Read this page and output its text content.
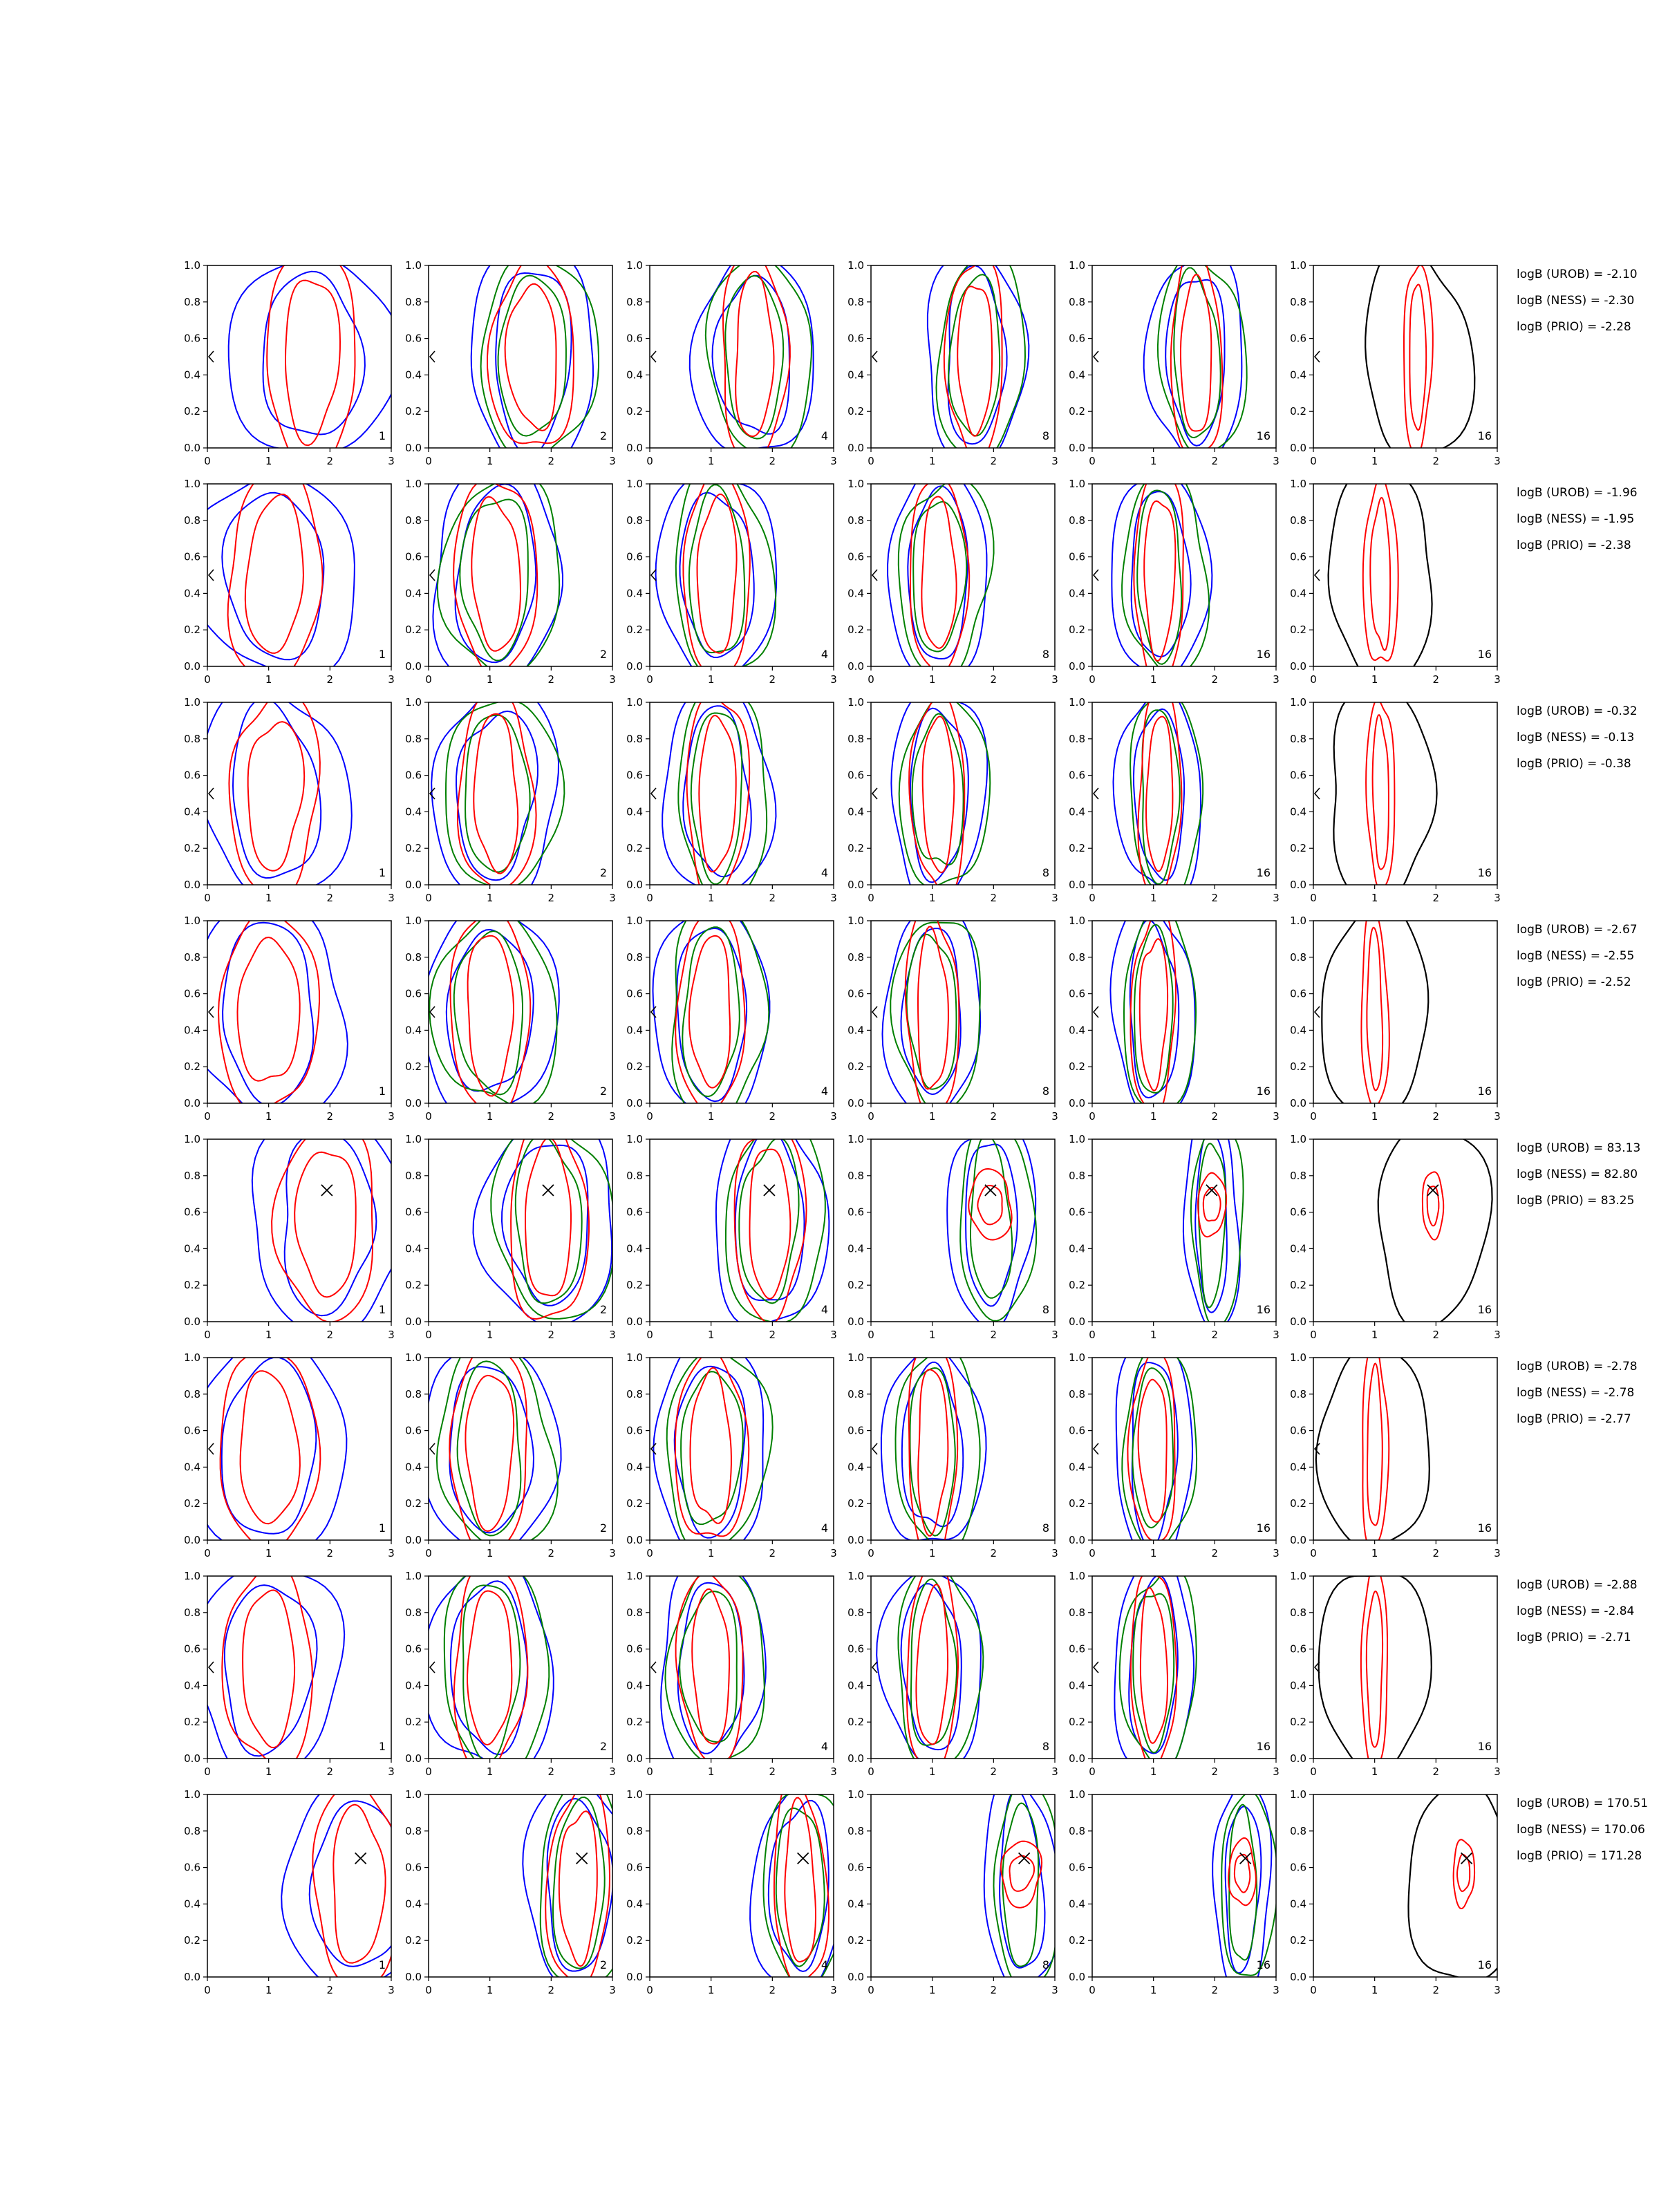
0	1	2	3
0.0
0.2
0.4
0.6
0.8
1.0
1
0	1	2	3
0.0
0.2
0.4
0.6
0.8
1.0
2
0	1	2	3
0.0
0.2
0.4
0.6
0.8
1.0
4
0	1	2	3
0.0
0.2
0.4
0.6
0.8
1.0
8
0	1	2	3
0.0
0.2
0.4
0.6
0.8
1.0
16
0	1	2	3
0.0
0.2
0.4
0.6
0.8
1.0
16
logB (UROB) = -2.10
logB (NESS) = -2.30
logB (PRIO) = -2.28
0	1	2	3
0.0
0.2
0.4
0.6
0.8
1.0
1
0	1	2	3
0.0
0.2
0.4
0.6
0.8
1.0
2
0	1	2	3
0.0
0.2
0.4
0.6
0.8
1.0
4
0	1	2	3
0.0
0.2
0.4
0.6
0.8
1.0
8
0	1	2	3
0.0
0.2
0.4
0.6
0.8
1.0
16
0	1	2	3
0.0
0.2
0.4
0.6
0.8
1.0
16
logB (UROB) = -1.96
logB (NESS) = -1.95
logB (PRIO) = -2.38
0	1	2	3
0.0
0.2
0.4
0.6
0.8
1.0
1
0	1	2	3
0.0
0.2
0.4
0.6
0.8
1.0
2
0	1	2	3
0.0
0.2
0.4
0.6
0.8
1.0
4
0	1	2	3
0.0
0.2
0.4
0.6
0.8
1.0
8
0	1	2	3
0.0
0.2
0.4
0.6
0.8
1.0
16
0	1	2	3
0.0
0.2
0.4
0.6
0.8
1.0
16
logB (UROB) = -0.32
logB (NESS) = -0.13
logB (PRIO) = -0.38
0	1	2	3
0.0
0.2
0.4
0.6
0.8
1.0
1
0	1	2	3
0.0
0.2
0.4
0.6
0.8
1.0
2
0	1	2	3
0.0
0.2
0.4
0.6
0.8
1.0
4
0	1	2	3
0.0
0.2
0.4
0.6
0.8
1.0
8
0	1	2	3
0.0
0.2
0.4
0.6
0.8
1.0
16
0	1	2	3
0.0
0.2
0.4
0.6
0.8
1.0
16
logB (UROB) = -2.67
logB (NESS) = -2.55
logB (PRIO) = -2.52
0	1	2	3
0.0
0.2
0.4
0.6
0.8
1.0
1
0	1	2	3
0.0
0.2
0.4
0.6
0.8
1.0
2
0	1	2	3
0.0
0.2
0.4
0.6
0.8
1.0
4
0	1	2	3
0.0
0.2
0.4
0.6
0.8
1.0
8
0	1	2	3
0.0
0.2
0.4
0.6
0.8
1.0
16
0	1	2	3
0.0
0.2
0.4
0.6
0.8
1.0
16
logB (UROB) = 83.13
logB (NESS) = 82.80
logB (PRIO) = 83.25
0	1	2	3
0.0
0.2
0.4
0.6
0.8
1.0
1
0	1	2	3
0.0
0.2
0.4
0.6
0.8
1.0
2
0	1	2	3
0.0
0.2
0.4
0.6
0.8
1.0
4
0	1	2	3
0.0
0.2
0.4
0.6
0.8
1.0
8
0	1	2	3
0.0
0.2
0.4
0.6
0.8
1.0
16
0	1	2	3
0.0
0.2
0.4
0.6
0.8
1.0
16
logB (UROB) = -2.78
logB (NESS) = -2.78
logB (PRIO) = -2.77
0	1	2	3
0.0
0.2
0.4
0.6
0.8
1.0
1
0	1	2	3
0.0
0.2
0.4
0.6
0.8
1.0
2
0	1	2	3
0.0
0.2
0.4
0.6
0.8
1.0
4
0	1	2	3
0.0
0.2
0.4
0.6
0.8
1.0
8
0	1	2	3
0.0
0.2
0.4
0.6
0.8
1.0
16
0	1	2	3
0.0
0.2
0.4
0.6
0.8
1.0
16
logB (UROB) = -2.88
logB (NESS) = -2.84
logB (PRIO) = -2.71
0	1	2	3
0.0
0.2
0.4
0.6
0.8
1.0
1
0	1	2	3
0.0
0.2
0.4
0.6
0.8
1.0
2
0	1	2	3
0.0
0.2
0.4
0.6
0.8
1.0
4
0	1	2	3
0.0
0.2
0.4
0.6
0.8
1.0
8
0	1	2	3
0.0
0.2
0.4
0.6
0.8
1.0
16
0	1	2	3
0.0
0.2
0.4
0.6
0.8
1.0
16
logB (UROB) = 170.51
logB (NESS) = 170.06
logB (PRIO) = 171.28
